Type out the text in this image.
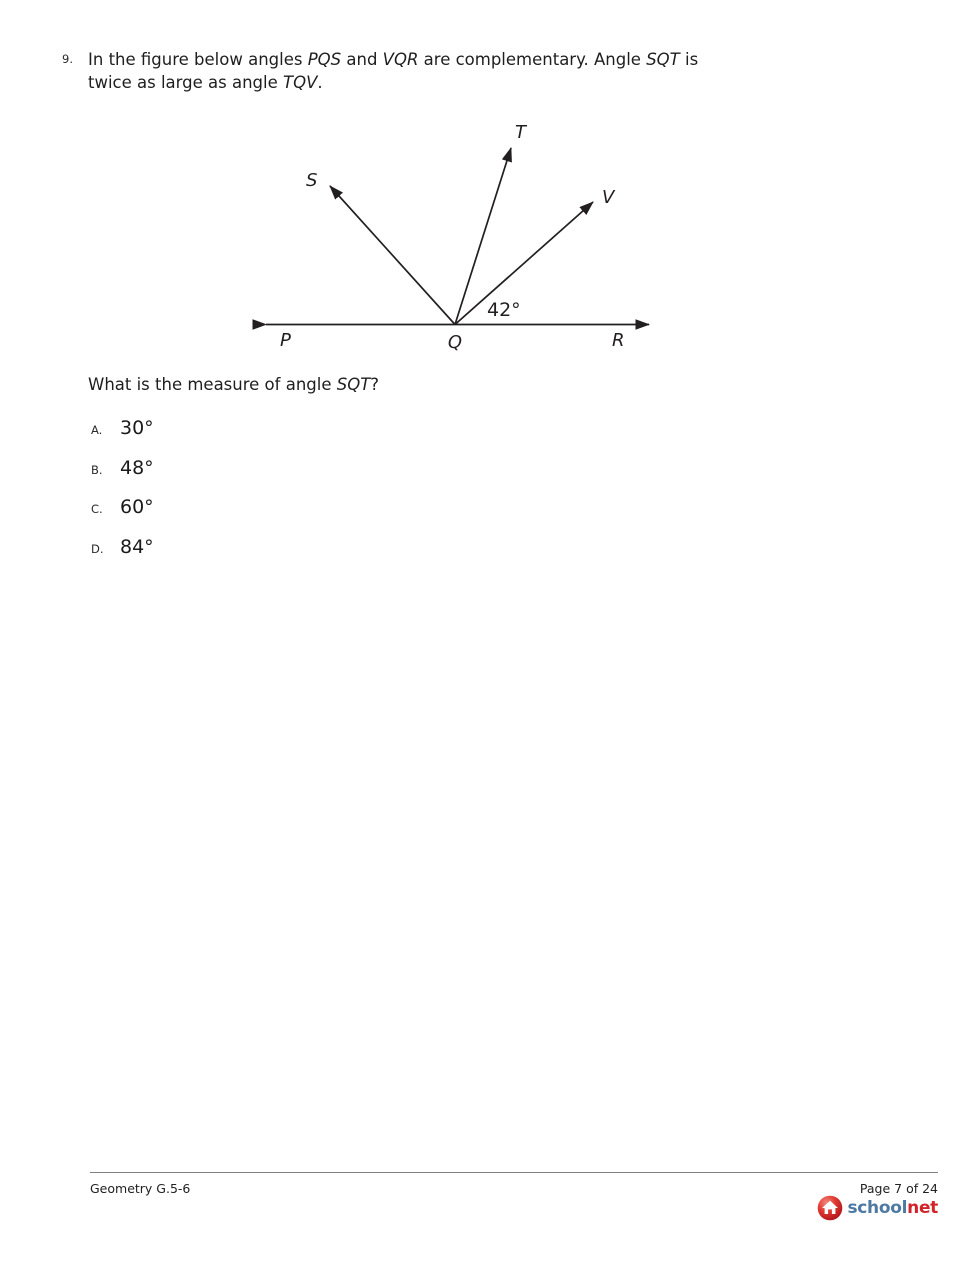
9. In the figure below angles PQS and VQR are complementary. Angle SQT is
twice as large as angle TQV.
P	Q	R
S
T
V
42°
What is the measure of angle SQT?
A. 30°
B. 48°
C. 60°
D. 84°
Geometry G.5-6	Page 7 of 24
schoolnet
